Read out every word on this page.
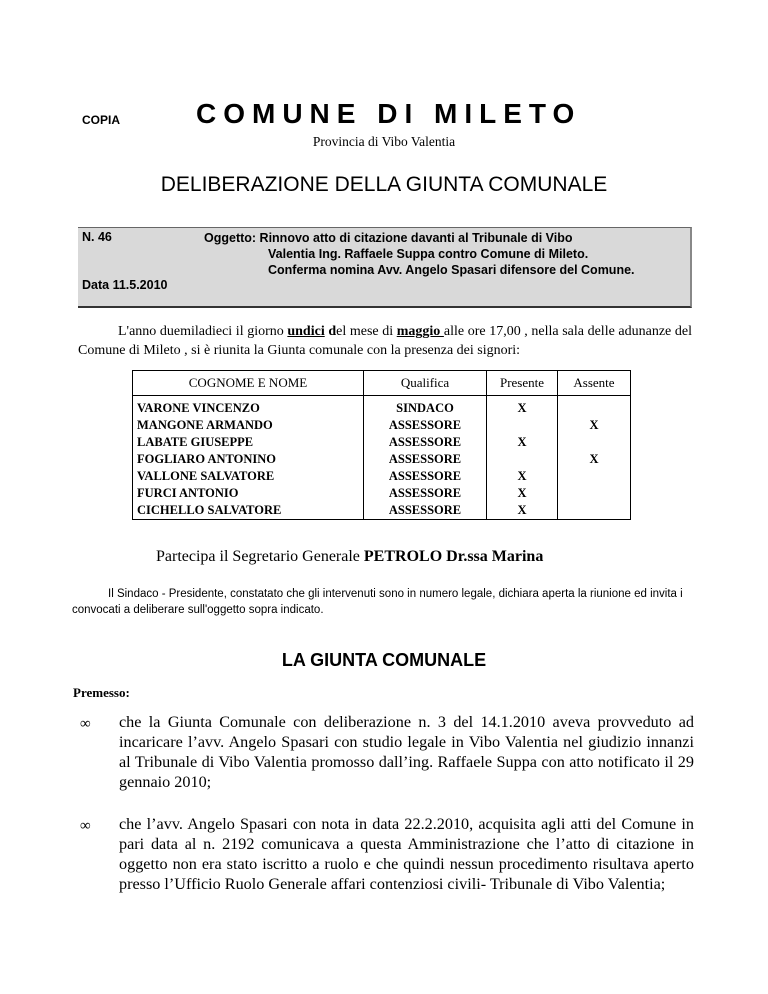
COPIA	COMUNE DI MILETO
Provincia di Vibo Valentia
DELIBERAZIONE DELLA GIUNTA COMUNALE
N. 46	Oggetto: Rinnovo atto di citazione davanti al Tribunale di Vibo
Valentia Ing. Raffaele Suppa contro Comune di Mileto.
Conferma nomina Avv. Angelo Spasari difensore del Comune.
Data 11.5.2010
L'anno duemiladieci il giorno undici del mese di maggio alle ore 17,00 , nella sala delle adunanze del Comune di Mileto , si è riunita la Giunta comunale con la presenza dei signori:
COGNOME E NOME	Qualifica	Presente	Assente
VARONE VINCENZO	SINDACO	X	
MANGONE ARMANDO	ASSESSORE		X
LABATE GIUSEPPE	ASSESSORE	X	
FOGLIARO ANTONINO	ASSESSORE		X
VALLONE SALVATORE	ASSESSORE	X	
FURCI ANTONIO	ASSESSORE	X	
CICHELLO SALVATORE	ASSESSORE	X	
Partecipa il Segretario Generale PETROLO Dr.ssa Marina
Il Sindaco - Presidente, constatato che gli intervenuti sono in numero legale, dichiara aperta la riunione ed invita i convocati a deliberare sull'oggetto sopra indicato.
LA GIUNTA COMUNALE
Premesso:
∞ che la Giunta Comunale con deliberazione n. 3 del 14.1.2010 aveva provveduto ad incaricare l’avv. Angelo Spasari con studio legale in Vibo Valentia nel giudizio innanzi al Tribunale di Vibo Valentia promosso dall’ing. Raffaele Suppa con atto notificato il 29 gennaio 2010;
∞ che l’avv. Angelo Spasari con nota in data 22.2.2010, acquisita agli atti del Comune in pari data al n. 2192 comunicava a questa Amministrazione che l’atto di citazione in oggetto non era stato iscritto a ruolo e che quindi nessun procedimento risultava aperto presso l’Ufficio Ruolo Generale affari contenziosi civili- Tribunale di Vibo Valentia;
